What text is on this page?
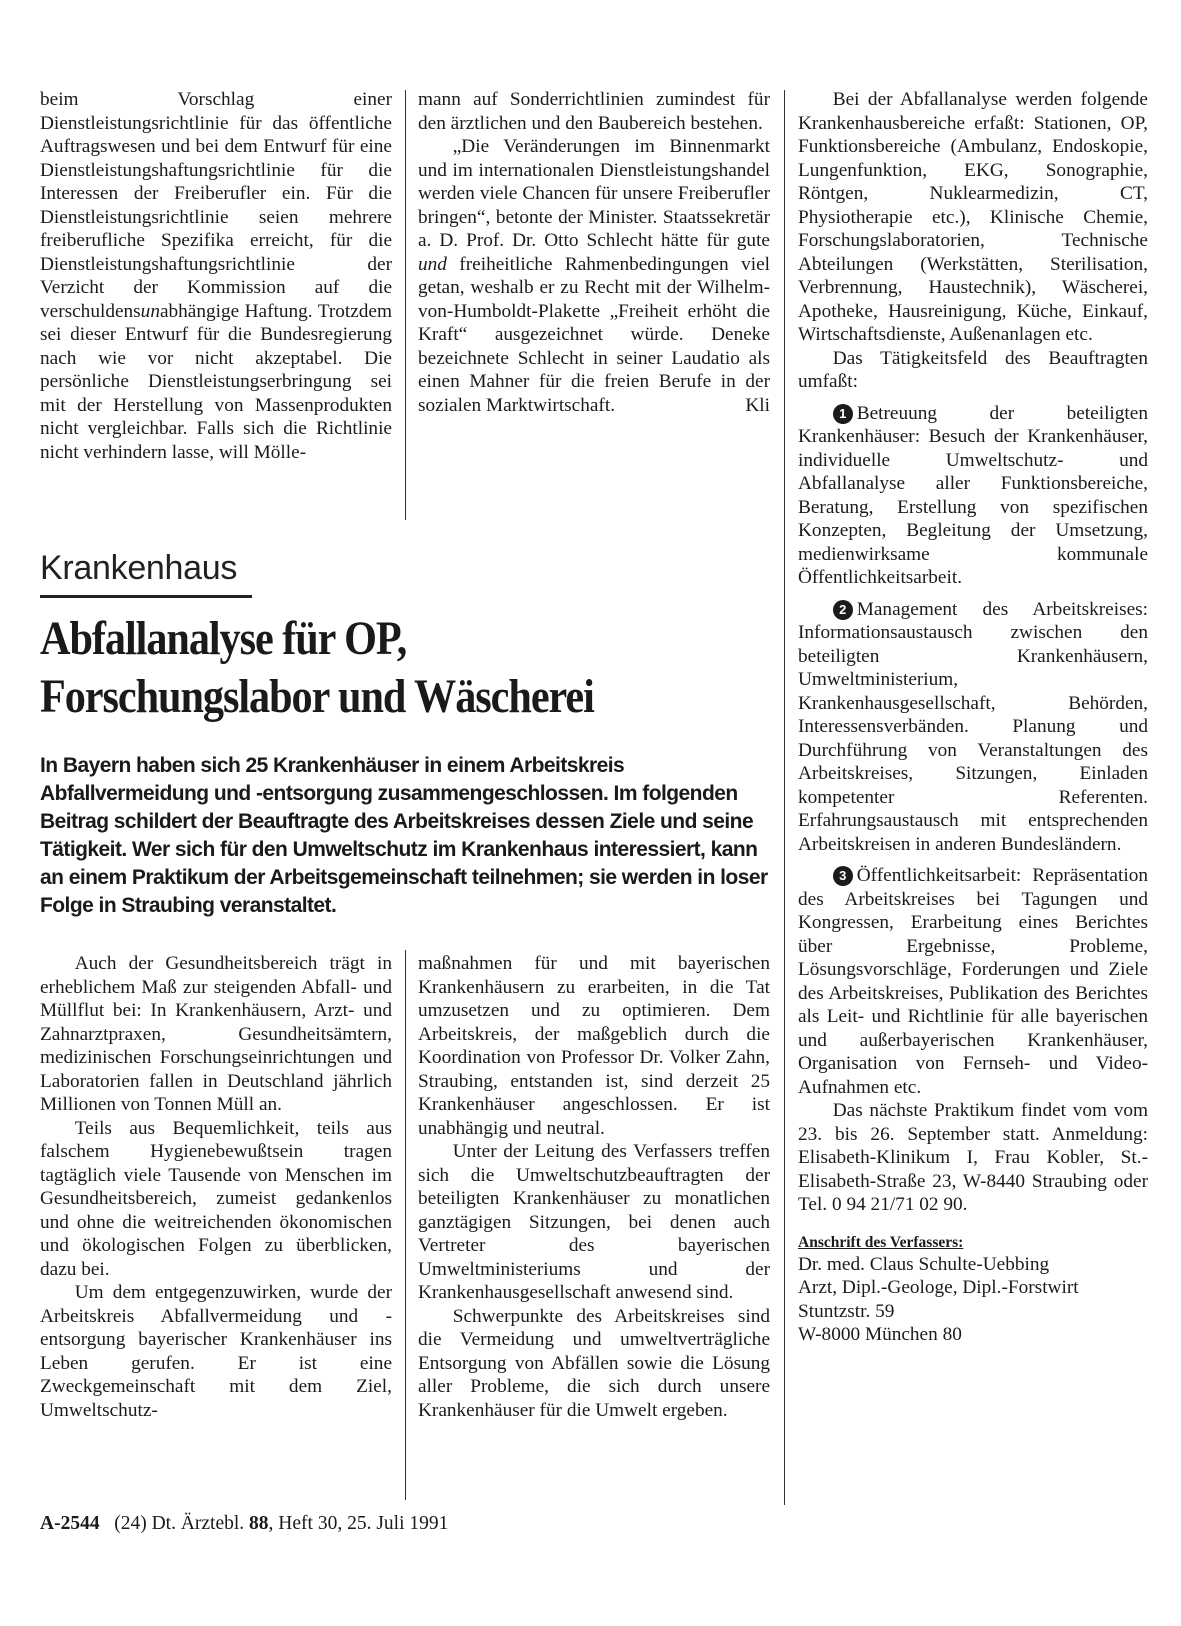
beim Vorschlag einer Dienstleistungsrichtlinie für das öffentliche Auftragswesen und bei dem Entwurf für eine Dienstleistungshaftungsrichtlinie für die Interessen der Freiberufler ein. Für die Dienstleistungsrichtlinie seien mehrere freiberufliche Spezifika erreicht, für die Dienstleistungshaftungsrichtlinie der Verzicht der Kommission auf die verschuldensunabhängige Haftung. Trotzdem sei dieser Entwurf für die Bundesregierung nach wie vor nicht akzeptabel. Die persönliche Dienstleistungserbringung sei mit der Herstellung von Massenprodukten nicht vergleichbar. Falls sich die Richtlinie nicht verhindern lasse, will Mölle-

mann auf Sonderrichtlinien zumindest für den ärztlichen und den Baubereich bestehen.

„Die Veränderungen im Binnenmarkt und im internationalen Dienstleistungshandel werden viele Chancen für unsere Freiberufler bringen“, betonte der Minister. Staatssekretär a. D. Prof. Dr. Otto Schlecht hätte für gute und freiheitliche Rahmenbedingungen viel getan, weshalb er zu Recht mit der Wilhelm-von-Humboldt-Plakette „Freiheit erhöht die Kraft“ ausgezeichnet würde. Deneke bezeichnete Schlecht in seiner Laudatio als einen Mahner für die freien Berufe in der sozialen Marktwirtschaft.	Kli

Krankenhaus
Abfallanalyse für OP,
Forschungslabor und Wäscherei

In Bayern haben sich 25 Krankenhäuser in einem Arbeitskreis Abfallvermeidung und -entsorgung zusammengeschlossen. Im folgenden Beitrag schildert der Beauftragte des Arbeitskreises dessen Ziele und seine Tätigkeit. Wer sich für den Umweltschutz im Krankenhaus interessiert, kann an einem Praktikum der Arbeitsgemeinschaft teilnehmen; sie werden in loser Folge in Straubing veranstaltet.

Auch der Gesundheitsbereich trägt in erheblichem Maß zur steigenden Abfall- und Müllflut bei: In Krankenhäusern, Arzt- und Zahnarztpraxen, Gesundheitsämtern, medizinischen Forschungseinrichtungen und Laboratorien fallen in Deutschland jährlich Millionen von Tonnen Müll an.

Teils aus Bequemlichkeit, teils aus falschem Hygienebewußtsein tragen tagtäglich viele Tausende von Menschen im Gesundheitsbereich, zumeist gedankenlos und ohne die weitreichenden ökonomischen und ökologischen Folgen zu überblicken, dazu bei.

Um dem entgegenzuwirken, wurde der Arbeitskreis Abfallvermeidung und -entsorgung bayerischer Krankenhäuser ins Leben gerufen. Er ist eine Zweckgemeinschaft mit dem Ziel, Umweltschutz-

maßnahmen für und mit bayerischen Krankenhäusern zu erarbeiten, in die Tat umzusetzen und zu optimieren. Dem Arbeitskreis, der maßgeblich durch die Koordination von Professor Dr. Volker Zahn, Straubing, entstanden ist, sind derzeit 25 Krankenhäuser angeschlossen. Er ist unabhängig und neutral.

Unter der Leitung des Verfassers treffen sich die Umweltschutzbeauftragten der beteiligten Krankenhäuser zu monatlichen ganztägigen Sitzungen, bei denen auch Vertreter des bayerischen Umweltministeriums und der Krankenhausgesellschaft anwesend sind.

Schwerpunkte des Arbeitskreises sind die Vermeidung und umweltverträgliche Entsorgung von Abfällen sowie die Lösung aller Probleme, die sich durch unsere Krankenhäuser für die Umwelt ergeben.

Bei der Abfallanalyse werden folgende Krankenhausbereiche erfaßt: Stationen, OP, Funktionsbereiche (Ambulanz, Endoskopie, Lungenfunktion, EKG, Sonographie, Röntgen, Nuklearmedizin, CT, Physiotherapie etc.), Klinische Chemie, Forschungslaboratorien, Technische Abteilungen (Werkstätten, Sterilisation, Verbrennung, Haustechnik), Wäscherei, Apotheke, Hausreinigung, Küche, Einkauf, Wirtschaftsdienste, Außenanlagen etc.

Das Tätigkeitsfeld des Beauftragten umfaßt:

1 Betreuung der beteiligten Krankenhäuser: Besuch der Krankenhäuser, individuelle Umweltschutz- und Abfallanalyse aller Funktionsbereiche, Beratung, Erstellung von spezifischen Konzepten, Begleitung der Umsetzung, medienwirksame kommunale Öffentlichkeitsarbeit.

2 Management des Arbeitskreises: Informationsaustausch zwischen den beteiligten Krankenhäusern, Umweltministerium, Krankenhausgesellschaft, Behörden, Interessensverbänden. Planung und Durchführung von Veranstaltungen des Arbeitskreises, Sitzungen, Einladen kompetenter Referenten. Erfahrungsaustausch mit entsprechenden Arbeitskreisen in anderen Bundesländern.

3 Öffentlichkeitsarbeit: Repräsentation des Arbeitskreises bei Tagungen und Kongressen, Erarbeitung eines Berichtes über Ergebnisse, Probleme, Lösungsvorschläge, Forderungen und Ziele des Arbeitskreises, Publikation des Berichtes als Leit- und Richtlinie für alle bayerischen und außerbayerischen Krankenhäuser, Organisation von Fernseh- und Video-Aufnahmen etc.

Das nächste Praktikum findet vom vom 23. bis 26. September statt. Anmeldung: Elisabeth-Klinikum I, Frau Kobler, St.-Elisabeth-Straße 23, W-8440 Straubing oder Tel. 0 94 21/71 02 90.

Anschrift des Verfassers:

Dr. med. Claus Schulte-Uebbing

Arzt, Dipl.-Geologe, Dipl.-Forstwirt

Stuntzstr. 59

W-8000 München 80

A-2544 (24) Dt. Ärztebl. 88, Heft 30, 25. Juli 1991
